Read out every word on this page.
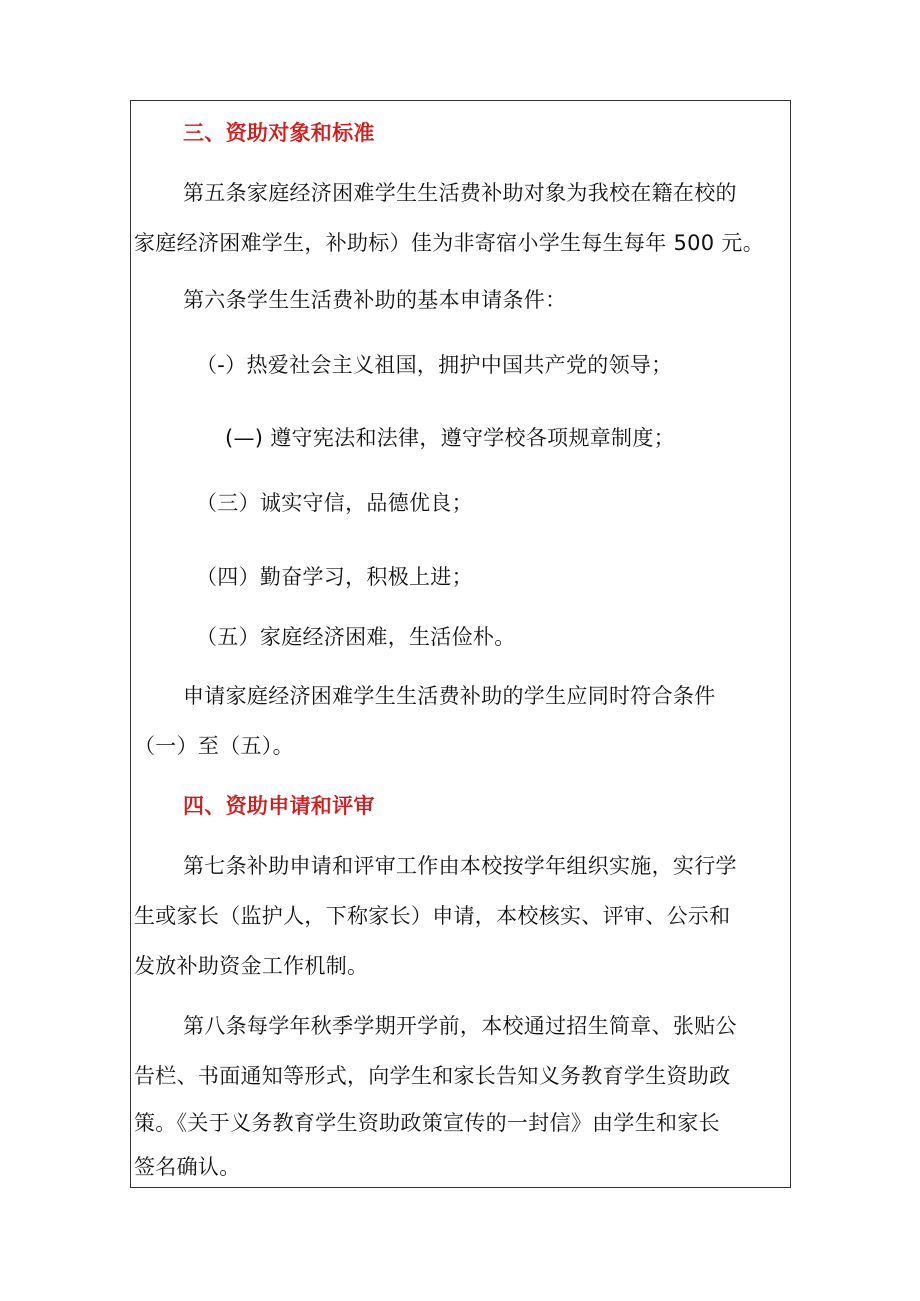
三、资助对象和标准
第五条家庭经济困难学生生活费补助对象为我校在籍在校的
家庭经济困难学生，补助标）佳为非寄宿小学生每生每年 500 元。
第六条学生生活费补助的基本申请条件：
（-）热爱社会主义祖国，拥护中国共产党的领导；
(—) 遵守宪法和法律，遵守学校各项规章制度；
（三）诚实守信，品德优良；
（四）勤奋学习，积极上进；
（五）家庭经济困难，生活俭朴。
申请家庭经济困难学生生活费补助的学生应同时符合条件
（一）至（五）。
四、资助申请和评审
第七条补助申请和评审工作由本校按学年组织实施，实行学
生或家长（监护人，下称家长）申请，本校核实、评审、公示和
发放补助资金工作机制。
第八条每学年秋季学期开学前，本校通过招生简章、张贴公
告栏、书面通知等形式，向学生和家长告知义务教育学生资助政
策。《关于义务教育学生资助政策宣传的一封信》由学生和家长
签名确认。
